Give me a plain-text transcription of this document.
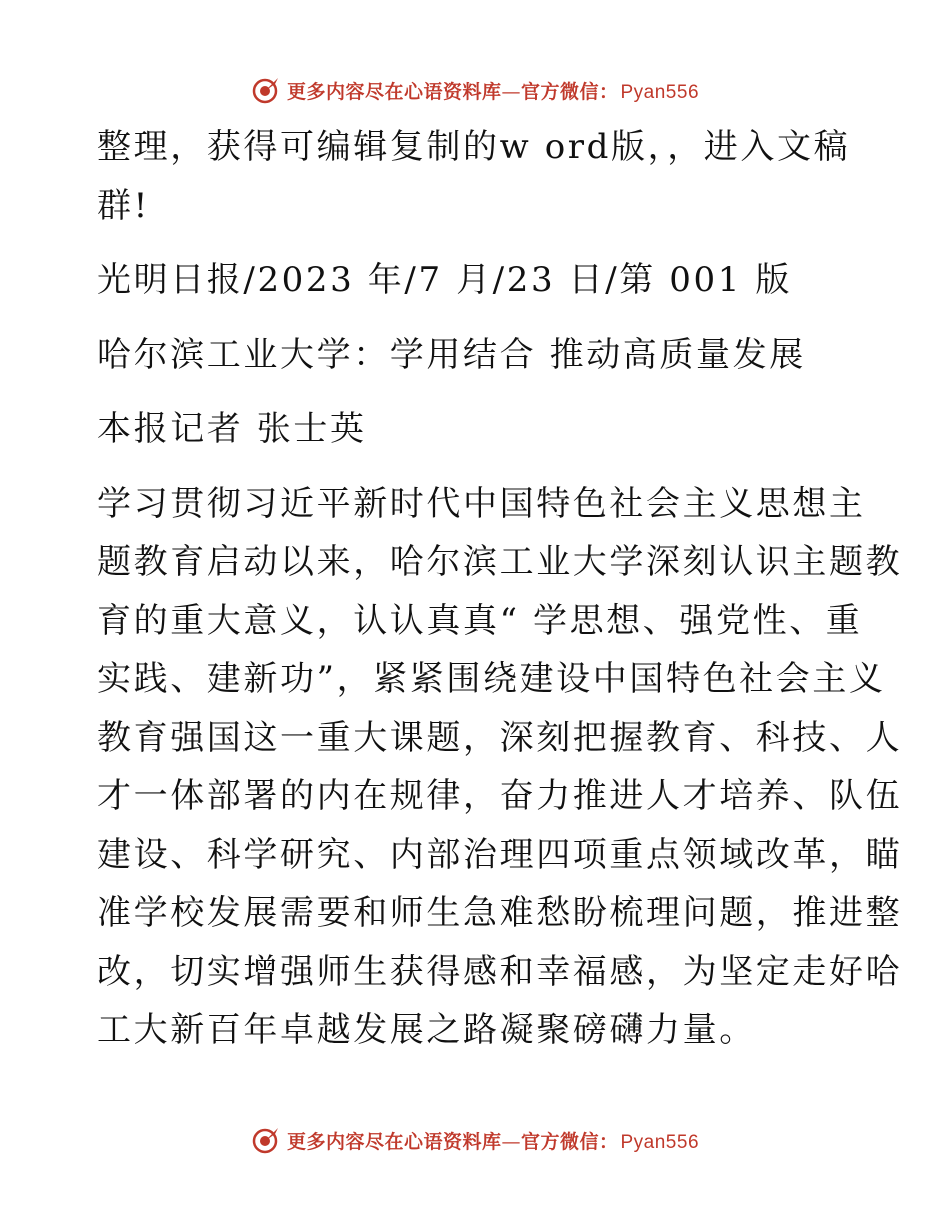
更多内容尽在心语资料库—官方微信： Pyan556
整理，获得可编辑复制的w ord版，，进入文稿
群!
光明日报/2023 年/7 月/23 日/第 001 版
哈尔滨工业大学：学用结合 推动高质量发展
本报记者 张士英
学习贯彻习近平新时代中国特色社会主义思想主
题教育启动以来，哈尔滨工业大学深刻认识主题教
育的重大意义，认认真真“ 学思想、强党性、重
实践、建新功”，紧紧围绕建设中国特色社会主义
教育强国这一重大课题，深刻把握教育、科技、人
才一体部署的内在规律，奋力推进人才培养、队伍
建设、科学研究、内部治理四项重点领域改革，瞄
准学校发展需要和师生急难愁盼梳理问题，推进整
改，切实增强师生获得感和幸福感，为坚定走好哈
工大新百年卓越发展之路凝聚磅礴力量。
更多内容尽在心语资料库—官方微信： Pyan556
